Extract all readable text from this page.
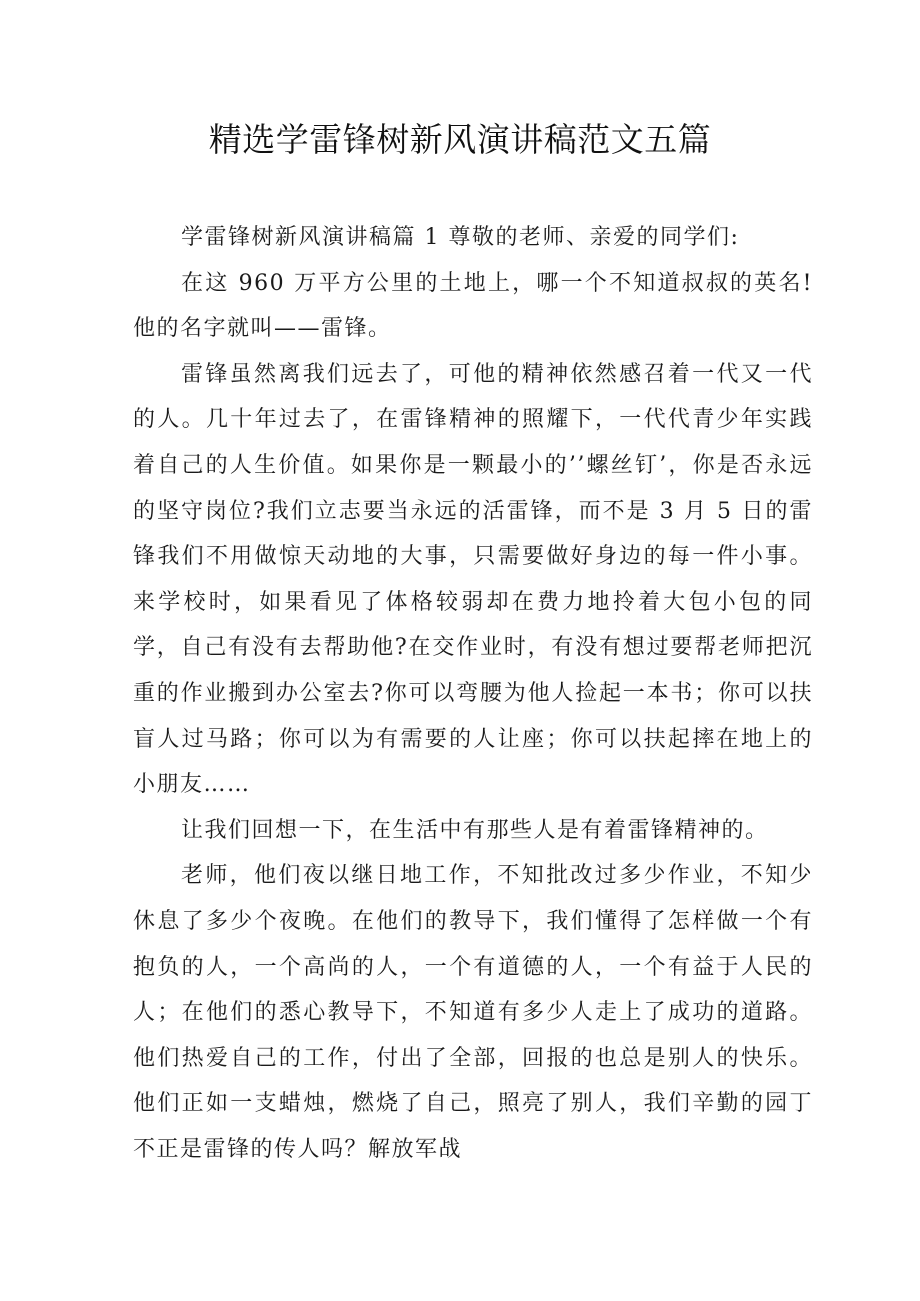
精选学雷锋树新风演讲稿范文五篇

学雷锋树新风演讲稿篇 1 尊敬的老师、亲爱的同学们:

在这 960 万平方公里的土地上，哪一个不知道叔叔的英名!他的名字就叫——雷锋。

雷锋虽然离我们远去了，可他的精神依然感召着一代又一代的人。几十年过去了，在雷锋精神的照耀下，一代代青少年实践着自己的人生价值。如果你是一颗最小的’’螺丝钉’，你是否永远的坚守岗位?我们立志要当永远的活雷锋，而不是 3 月 5 日的雷锋我们不用做惊天动地的大事，只需要做好身边的每一件小事。来学校时，如果看见了体格较弱却在费力地拎着大包小包的同学，自己有没有去帮助他?在交作业时，有没有想过要帮老师把沉重的作业搬到办公室去?你可以弯腰为他人捡起一本书；你可以扶盲人过马路；你可以为有需要的人让座；你可以扶起摔在地上的小朋友……

让我们回想一下，在生活中有那些人是有着雷锋精神的。

老师，他们夜以继日地工作，不知批改过多少作业，不知少休息了多少个夜晚。在他们的教导下，我们懂得了怎样做一个有抱负的人，一个高尚的人，一个有道德的人，一个有益于人民的人；在他们的悉心教导下，不知道有多少人走上了成功的道路。他们热爱自己的工作，付出了全部，回报的也总是别人的快乐。他们正如一支蜡烛，燃烧了自己，照亮了别人，我们辛勤的园丁不正是雷锋的传人吗？解放军战
